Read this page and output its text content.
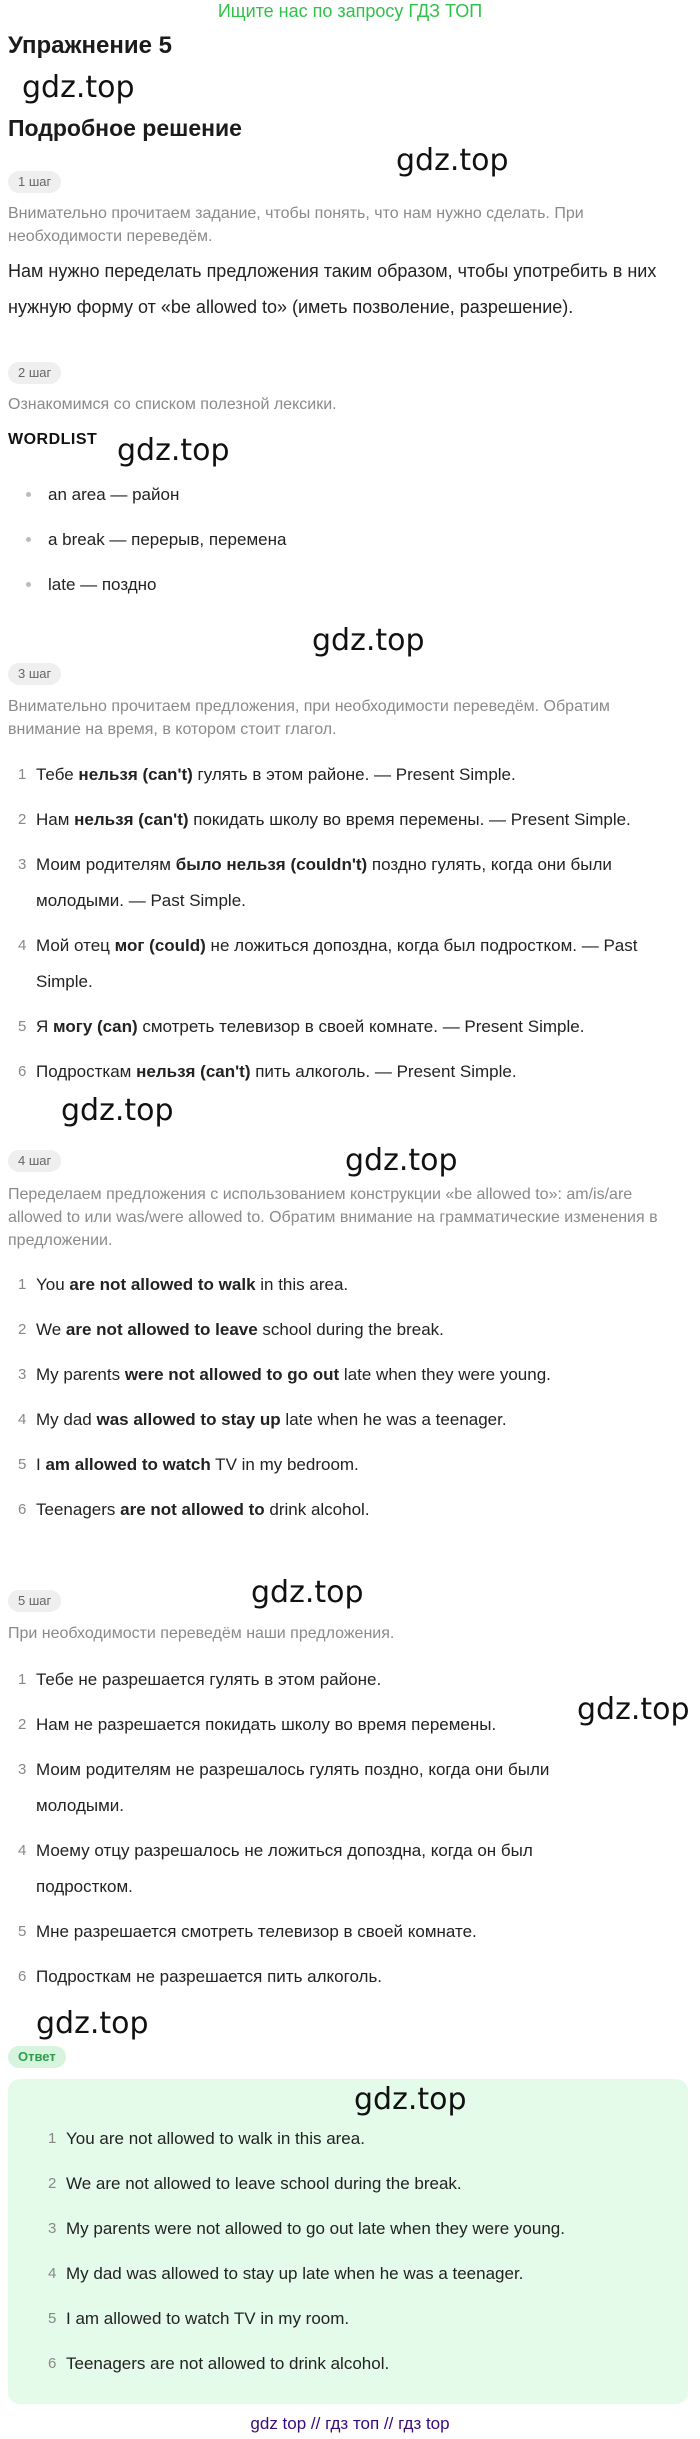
Ищите нас по запросу ГДЗ ТОП
Упражнение 5
gdz.top
Подробное решение
gdz.top
1 шаг
Внимательно прочитаем задание, чтобы понять, что нам нужно сделать. При необходимости переведём.
Нам нужно переделать предложения таким образом, чтобы употребить в них нужную форму от «be allowed to» (иметь позволение, разрешение).
2 шаг
Ознакомимся со списком полезной лексики.
WORDLIST gdz.top
an area — район
a break — перерыв, перемена
late — поздно
gdz.top
3 шаг
Внимательно прочитаем предложения, при необходимости переведём. Обратим внимание на время, в котором стоит глагол.
1 Тебе нельзя (can't) гулять в этом районе. — Present Simple.
2 Нам нельзя (can't) покидать школу во время перемены. — Present Simple.
3 Моим родителям было нельзя (couldn't) поздно гулять, когда они были молодыми. — Past Simple.
4 Мой отец мог (could) не ложиться допоздна, когда был подростком. — Past Simple.
5 Я могу (can) смотреть телевизор в своей комнате. — Present Simple.
6 Подросткам нельзя (can't) пить алкоголь. — Present Simple.
gdz.top
4 шаг	gdz.top
Переделаем предложения с использованием конструкции «be allowed to»: am/is/are allowed to или was/were allowed to. Обратим внимание на грамматические изменения в предложении.
1 You are not allowed to walk in this area.
2 We are not allowed to leave school during the break.
3 My parents were not allowed to go out late when they were young.
4 My dad was allowed to stay up late when he was a teenager.
5 I am allowed to watch TV in my bedroom.
6 Teenagers are not allowed to drink alcohol.
gdz.top
5 шаг
При необходимости переведём наши предложения.
1 Тебе не разрешается гулять в этом районе.
2 Нам не разрешается покидать школу во время перемены.	gdz.top
3 Моим родителям не разрешалось гулять поздно, когда они были молодыми.
4 Моему отцу разрешалось не ложиться допоздна, когда он был подростком.
5 Мне разрешается смотреть телевизор в своей комнате.
6 Подросткам не разрешается пить алкоголь.
gdz.top
Ответ
gdz.top
1 You are not allowed to walk in this area.
2 We are not allowed to leave school during the break.
3 My parents were not allowed to go out late when they were young.
4 My dad was allowed to stay up late when he was a teenager.
5 I am allowed to watch TV in my room.
6 Teenagers are not allowed to drink alcohol.
gdz top // гдз топ // гдз top
